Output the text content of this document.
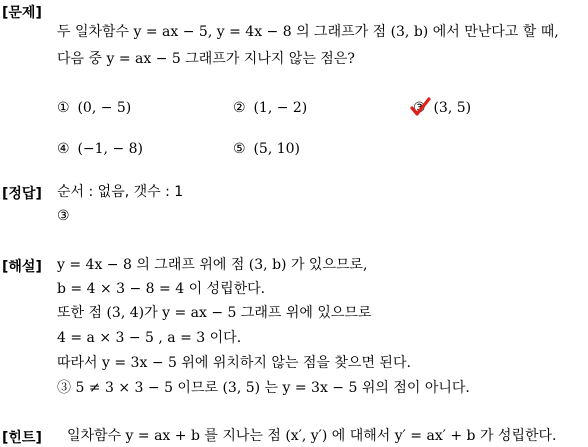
[문제]
두 일차함수 y = ax − 5, y = 4x − 8 의 그래프가 점 (3, b) 에서 만난다고 할 때,
다음 중 y = ax − 5 그래프가 지나지 않는 점은?
① (0, − 5)	② (1, − 2)	③ (3, 5)
④ (−1, − 8)	⑤ (5, 10)
[정답] 순서 : 없음, 갯수 : 1
③
[해설] y = 4x − 8 의 그래프 위에 점 (3, b) 가 있으므로,
b = 4 × 3 − 8 = 4 이 성립한다.
또한 점 (3, 4)가 y = ax − 5 그래프 위에 있으므로
4 = a × 3 − 5 , a = 3 이다.
따라서 y = 3x − 5 위에 위치하지 않는 점을 찾으면 된다.
③ 5 ≠ 3 × 3 − 5 이므로 (3, 5) 는 y = 3x − 5 위의 점이 아니다.
[힌트] 일차함수 y = ax + b 를 지나는 점 (x′, y′) 에 대해서 y′ = ax′ + b 가 성립한다.
